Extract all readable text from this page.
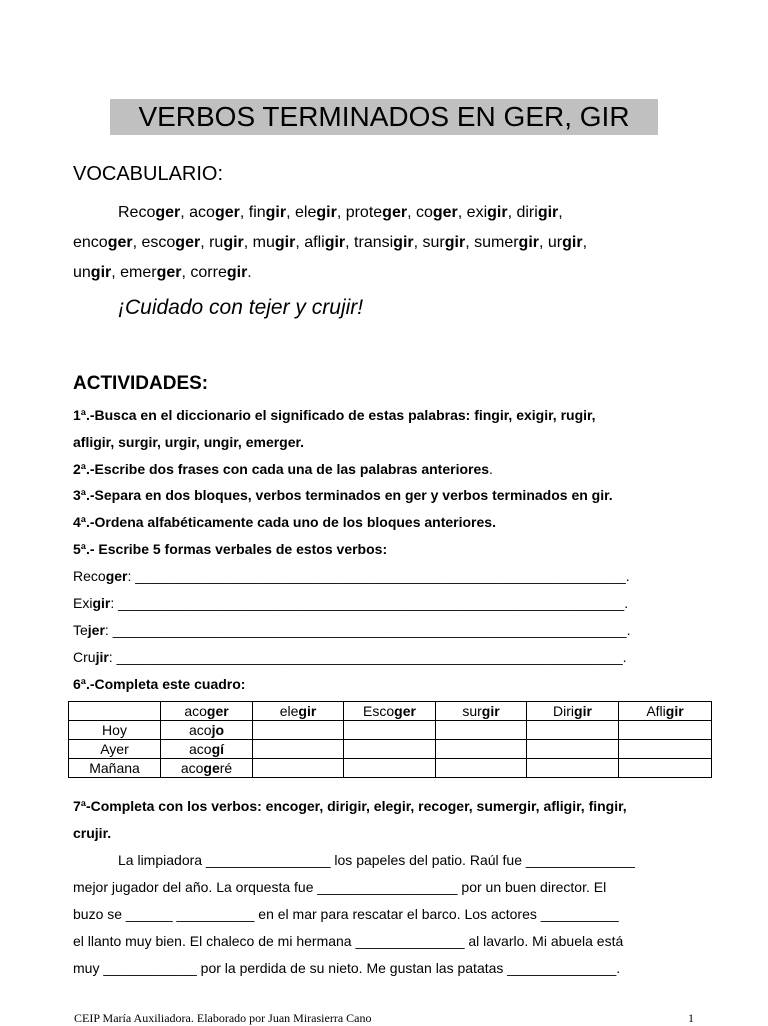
VERBOS TERMINADOS EN GER, GIR
VOCABULARIO:
Recoger, acoger, fingir, elegir, proteger, coger, exigir, dirigir,
encoger, escoger, rugir, mugir, afligir, transigir, surgir, sumergir, urgir,
ungir, emerger, corregir.
¡Cuidado con tejer y crujir!
ACTIVIDADES:
1ª.-Busca en el diccionario el significado de estas palabras: fingir, exigir, rugir,
afligir, surgir, urgir, ungir, emerger.
2ª.-Escribe dos frases con cada una de las palabras anteriores.
3ª.-Separa en dos bloques, verbos terminados en ger y verbos terminados en gir.
4ª.-Ordena alfabéticamente cada uno de los bloques anteriores.
5ª.- Escribe 5 formas verbales de estos verbos:
Recoger: _______________________________________________________________.
Exigir: _________________________________________________________________.
Tejer: __________________________________________________________________.
Crujir: _________________________________________________________________.
6ª.-Completa este cuadro:
	acoger	elegir	Escoger	surgir	Dirigir	Afligir
Hoy	acojo					
Ayer	acogí					
Mañana	acogeré					
7ª-Completa con los verbos: encoger, dirigir, elegir, recoger, sumergir, afligir, fingir,
crujir.
La limpiadora ________________ los papeles del patio. Raúl fue ______________
mejor jugador del año. La orquesta fue __________________ por un buen director. El
buzo se ______ __________ en el mar para rescatar el barco. Los actores __________
el llanto muy bien. El chaleco de mi hermana ______________ al lavarlo. Mi abuela está
muy ____________ por la perdida de su nieto. Me gustan las patatas ______________.
CEIP María Auxiliadora. Elaborado por Juan Mirasierra Cano	1
